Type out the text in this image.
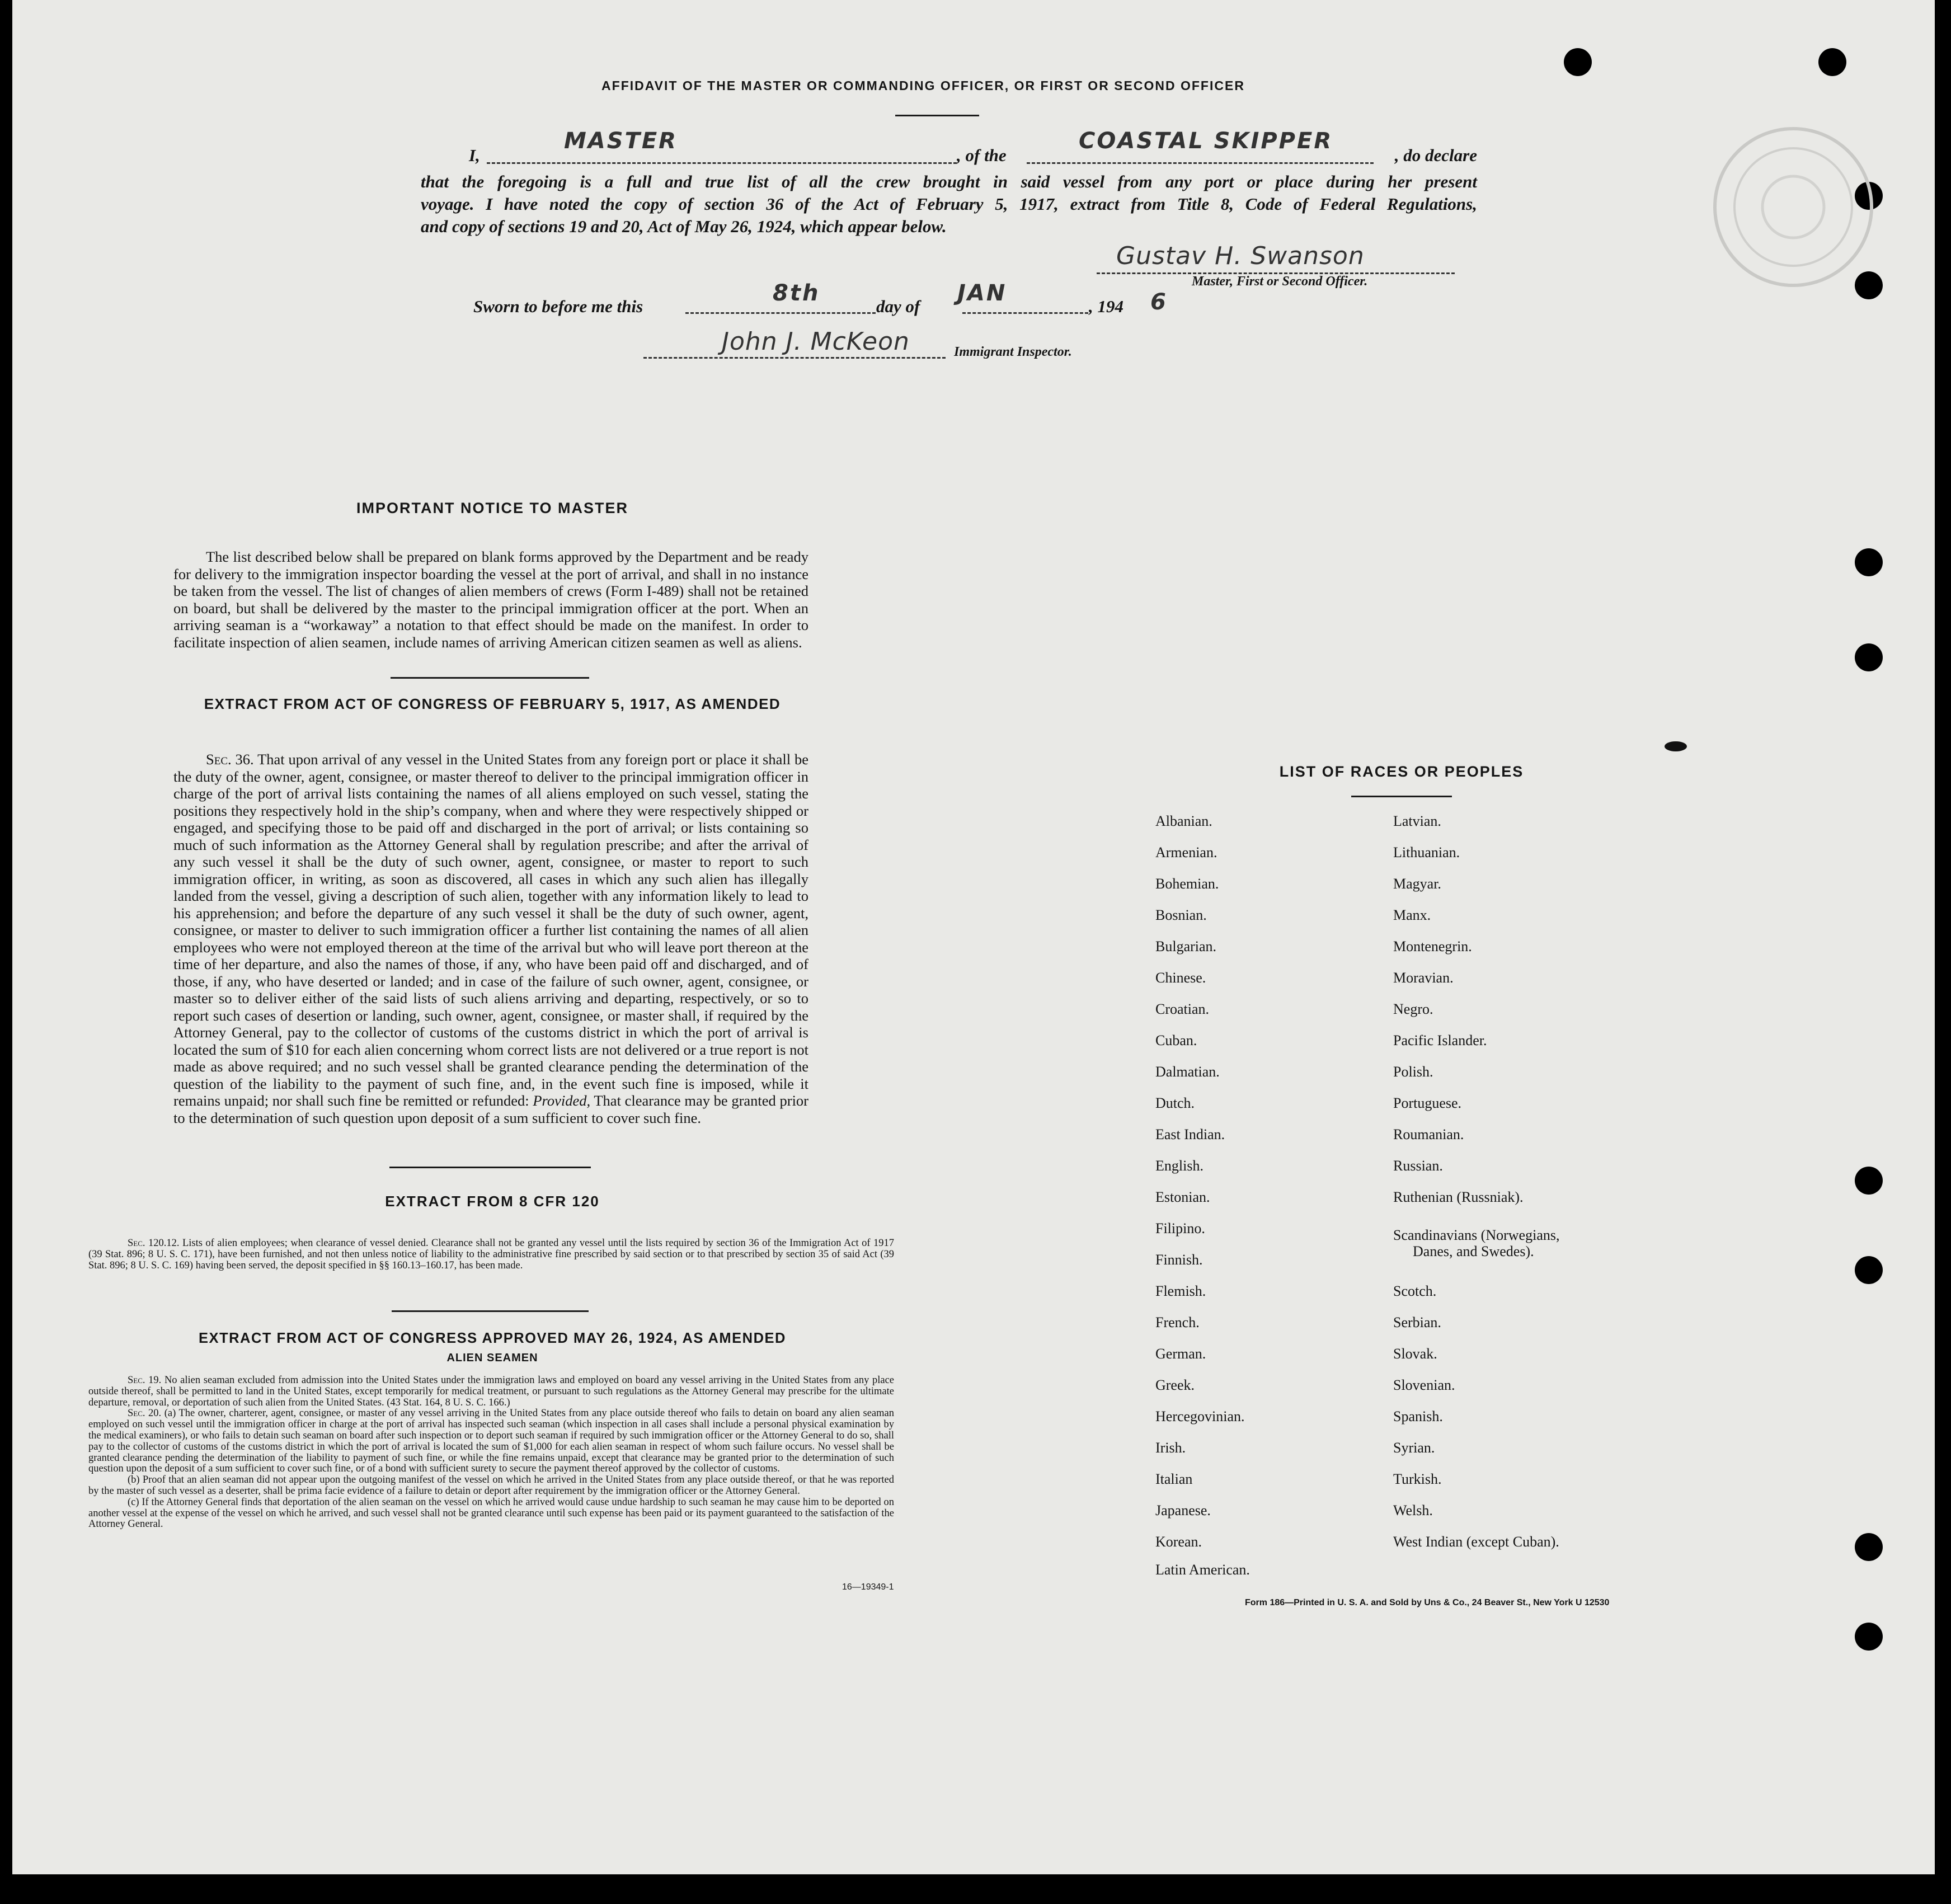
AFFIDAVIT OF THE MASTER OR COMMANDING OFFICER, OR FIRST OR SECOND OFFICER
I,
MASTER
, of the
COASTAL SKIPPER
, do declare
that the foregoing is a full and true list of all the crew brought in said vessel from any port or place during her present
voyage. I have noted the copy of section 36 of the Act of February 5, 1917, extract from Title 8, Code of Federal Regulations,
and copy of sections 19 and 20, Act of May 26, 1924, which appear below.
Gustav H. Swanson
Master, First or Second Officer.
Sworn to before me this
8th
day of
JAN
, 194 6
John J. McKeon	Immigrant Inspector.
IMPORTANT NOTICE TO MASTER
The list described below shall be prepared on blank forms approved by the Department and be ready for delivery to the immigration inspector boarding the vessel at the port of arrival, and shall in no instance be taken from the vessel. The list of changes of alien members of crews (Form I-489) shall not be retained on board, but shall be delivered by the master to the principal immigration officer at the port. When an arriving seaman is a “workaway” a notation to that effect should be made on the manifest. In order to facilitate inspection of alien seamen, include names of arriving American citizen seamen as well as aliens.
EXTRACT FROM ACT OF CONGRESS OF FEBRUARY 5, 1917, AS AMENDED
Sec. 36. That upon arrival of any vessel in the United States from any foreign port or place it shall be the duty of the owner, agent, consignee, or master thereof to deliver to the principal immigration officer in charge of the port of arrival lists containing the names of all aliens employed on such vessel, stating the positions they respectively hold in the ship’s company, when and where they were respectively shipped or engaged, and specifying those to be paid off and discharged in the port of arrival; or lists containing so much of such information as the Attorney General shall by regulation prescribe; and after the arrival of any such vessel it shall be the duty of such owner, agent, consignee, or master to report to such immigration officer, in writing, as soon as discovered, all cases in which any such alien has illegally landed from the vessel, giving a description of such alien, together with any information likely to lead to his apprehension; and before the departure of any such vessel it shall be the duty of such owner, agent, consignee, or master to deliver to such immigration officer a further list containing the names of all alien employees who were not employed thereon at the time of the arrival but who will leave port thereon at the time of her departure, and also the names of those, if any, who have been paid off and discharged, and of those, if any, who have deserted or landed; and in case of the failure of such owner, agent, consignee, or master so to deliver either of the said lists of such aliens arriving and departing, respectively, or so to report such cases of desertion or landing, such owner, agent, consignee, or master shall, if required by the Attorney General, pay to the collector of customs of the customs district in which the port of arrival is located the sum of $10 for each alien concerning whom correct lists are not delivered or a true report is not made as above required; and no such vessel shall be granted clearance pending the determination of the question of the liability to the payment of such fine, and, in the event such fine is imposed, while it remains unpaid; nor shall such fine be remitted or refunded: Provided, That clearance may be granted prior to the determination of such question upon deposit of a sum sufficient to cover such fine.
EXTRACT FROM 8 CFR 120
Sec. 120.12. Lists of alien employees; when clearance of vessel denied. Clearance shall not be granted any vessel until the lists required by section 36 of the Immigration Act of 1917 (39 Stat. 896; 8 U. S. C. 171), have been furnished, and not then unless notice of liability to the administrative fine prescribed by said section or to that prescribed by section 35 of said Act (39 Stat. 896; 8 U. S. C. 169) having been served, the deposit specified in §§ 160.13–160.17, has been made.
EXTRACT FROM ACT OF CONGRESS APPROVED MAY 26, 1924, AS AMENDED
ALIEN SEAMEN
Sec. 19. No alien seaman excluded from admission into the United States under the immigration laws and employed on board any vessel arriving in the United States from any place outside thereof, shall be permitted to land in the United States, except temporarily for medical treatment, or pursuant to such regulations as the Attorney General may prescribe for the ultimate departure, removal, or deportation of such alien from the United States. (43 Stat. 164, 8 U. S. C. 166.)
Sec. 20. (a) The owner, charterer, agent, consignee, or master of any vessel arriving in the United States from any place outside thereof who fails to detain on board any alien seaman employed on such vessel until the immigration officer in charge at the port of arrival has inspected such seaman (which inspection in all cases shall include a personal physical examination by the medical examiners), or who fails to detain such seaman on board after such inspection or to deport such seaman if required by such immigration officer or the Attorney General to do so, shall pay to the collector of customs of the customs district in which the port of arrival is located the sum of $1,000 for each alien seaman in respect of whom such failure occurs. No vessel shall be granted clearance pending the determination of the liability to payment of such fine, or while the fine remains unpaid, except that clearance may be granted prior to the determination of such question upon the deposit of a sum sufficient to cover such fine, or of a bond with sufficient surety to secure the payment thereof approved by the collector of customs.
(b) Proof that an alien seaman did not appear upon the outgoing manifest of the vessel on which he arrived in the United States from any place outside thereof, or that he was reported by the master of such vessel as a deserter, shall be prima facie evidence of a failure to detain or deport after requirement by the immigration officer or the Attorney General.
(c) If the Attorney General finds that deportation of the alien seaman on the vessel on which he arrived would cause undue hardship to such seaman he may cause him to be deported on another vessel at the expense of the vessel on which he arrived, and such vessel shall not be granted clearance until such expense has been paid or its payment guaranteed to the satisfaction of the Attorney General.
16—19349-1
LIST OF RACES OR PEOPLES
Albanian.
Armenian.
Bohemian.
Bosnian.
Bulgarian.
Chinese.
Croatian.
Cuban.
Dalmatian.
Dutch.
East Indian.
English.
Estonian.
Filipino.
Finnish.
Flemish.
French.
German.
Greek.
Hercegovinian.
Irish.
Italian
Japanese.
Korean.
Latin American.
Latvian.
Lithuanian.
Magyar.
Manx.
Montenegrin.
Moravian.
Negro.
Pacific Islander.
Polish.
Portuguese.
Roumanian.
Russian.
Ruthenian (Russniak).
Scandinavians (Norwegians,
Danes, and Swedes).
Scotch.
Serbian.
Slovak.
Slovenian.
Spanish.
Syrian.
Turkish.
Welsh.
West Indian (except Cuban).
Form 186—Printed in U. S. A. and Sold by Uns & Co., 24 Beaver St., New York U 12530
